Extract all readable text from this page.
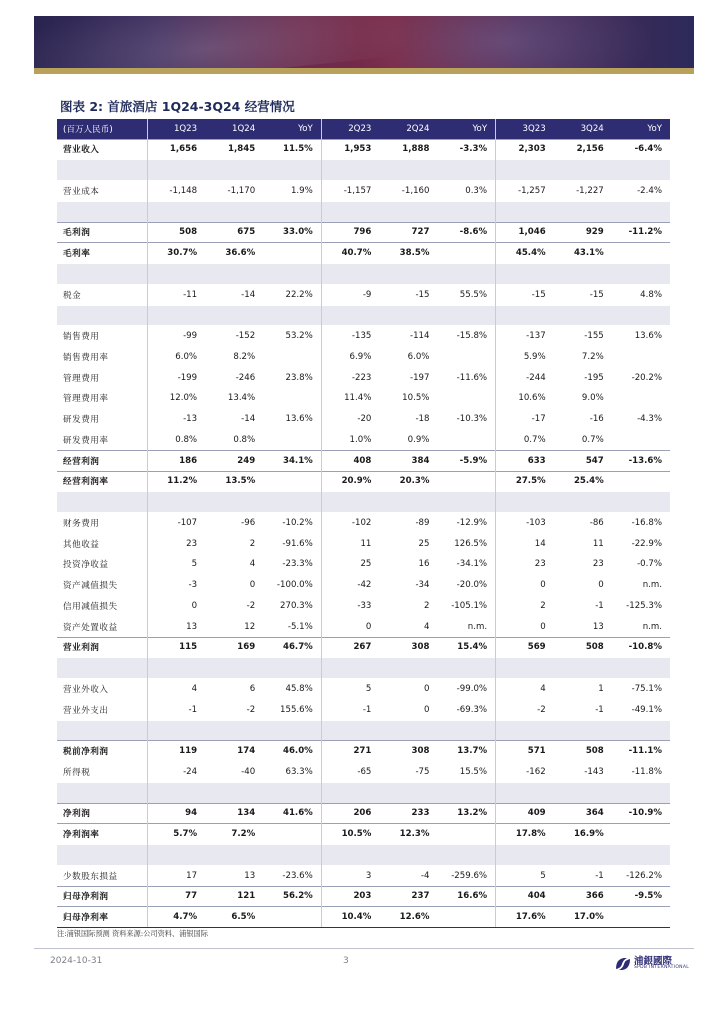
图表 2: 首旅酒店 1Q24-3Q24 经营情况
(百万人民币)	1Q23	1Q24	YoY	2Q23	2Q24	YoY	3Q23	3Q24	YoY
营业收入	1,656	1,845	11.5%	1,953	1,888	-3.3%	2,303	2,156	-6.4%

营业成本	-1,148	-1,170	1.9%	-1,157	-1,160	0.3%	-1,257	-1,227	-2.4%

毛利润	508	675	33.0%	796	727	-8.6%	1,046	929	-11.2%
毛利率	30.7%	36.6%		40.7%	38.5%		45.4%	43.1%	

税金	-11	-14	22.2%	-9	-15	55.5%	-15	-15	4.8%

销售费用	-99	-152	53.2%	-135	-114	-15.8%	-137	-155	13.6%
销售费用率	6.0%	8.2%		6.9%	6.0%		5.9%	7.2%	
管理费用	-199	-246	23.8%	-223	-197	-11.6%	-244	-195	-20.2%
管理费用率	12.0%	13.4%		11.4%	10.5%		10.6%	9.0%	
研发费用	-13	-14	13.6%	-20	-18	-10.3%	-17	-16	-4.3%
研发费用率	0.8%	0.8%		1.0%	0.9%		0.7%	0.7%	
经营利润	186	249	34.1%	408	384	-5.9%	633	547	-13.6%
经营利润率	11.2%	13.5%		20.9%	20.3%		27.5%	25.4%	

财务费用	-107	-96	-10.2%	-102	-89	-12.9%	-103	-86	-16.8%
其他收益	23	2	-91.6%	11	25	126.5%	14	11	-22.9%
投资净收益	5	4	-23.3%	25	16	-34.1%	23	23	-0.7%
资产减值损失	-3	0	-100.0%	-42	-34	-20.0%	0	0	n.m.
信用减值损失	0	-2	270.3%	-33	2	-105.1%	2	-1	-125.3%
资产处置收益	13	12	-5.1%	0	4	n.m.	0	13	n.m.
营业利润	115	169	46.7%	267	308	15.4%	569	508	-10.8%

营业外收入	4	6	45.8%	5	0	-99.0%	4	1	-75.1%
营业外支出	-1	-2	155.6%	-1	0	-69.3%	-2	-1	-49.1%

税前净利润	119	174	46.0%	271	308	13.7%	571	508	-11.1%
所得税	-24	-40	63.3%	-65	-75	15.5%	-162	-143	-11.8%

净利润	94	134	41.6%	206	233	13.2%	409	364	-10.9%
净利润率	5.7%	7.2%		10.5%	12.3%		17.8%	16.9%	

少数股东损益	17	13	-23.6%	3	-4	-259.6%	5	-1	-126.2%
归母净利润	77	121	56.2%	203	237	16.6%	404	366	-9.5%
归母净利率	4.7%	6.5%		10.4%	12.6%		17.6%	17.0%	
注:浦银国际预测 资料来源:公司资料、浦银国际
2024-10-31	3	浦銀國際
SPDB INTERNATIONAL
